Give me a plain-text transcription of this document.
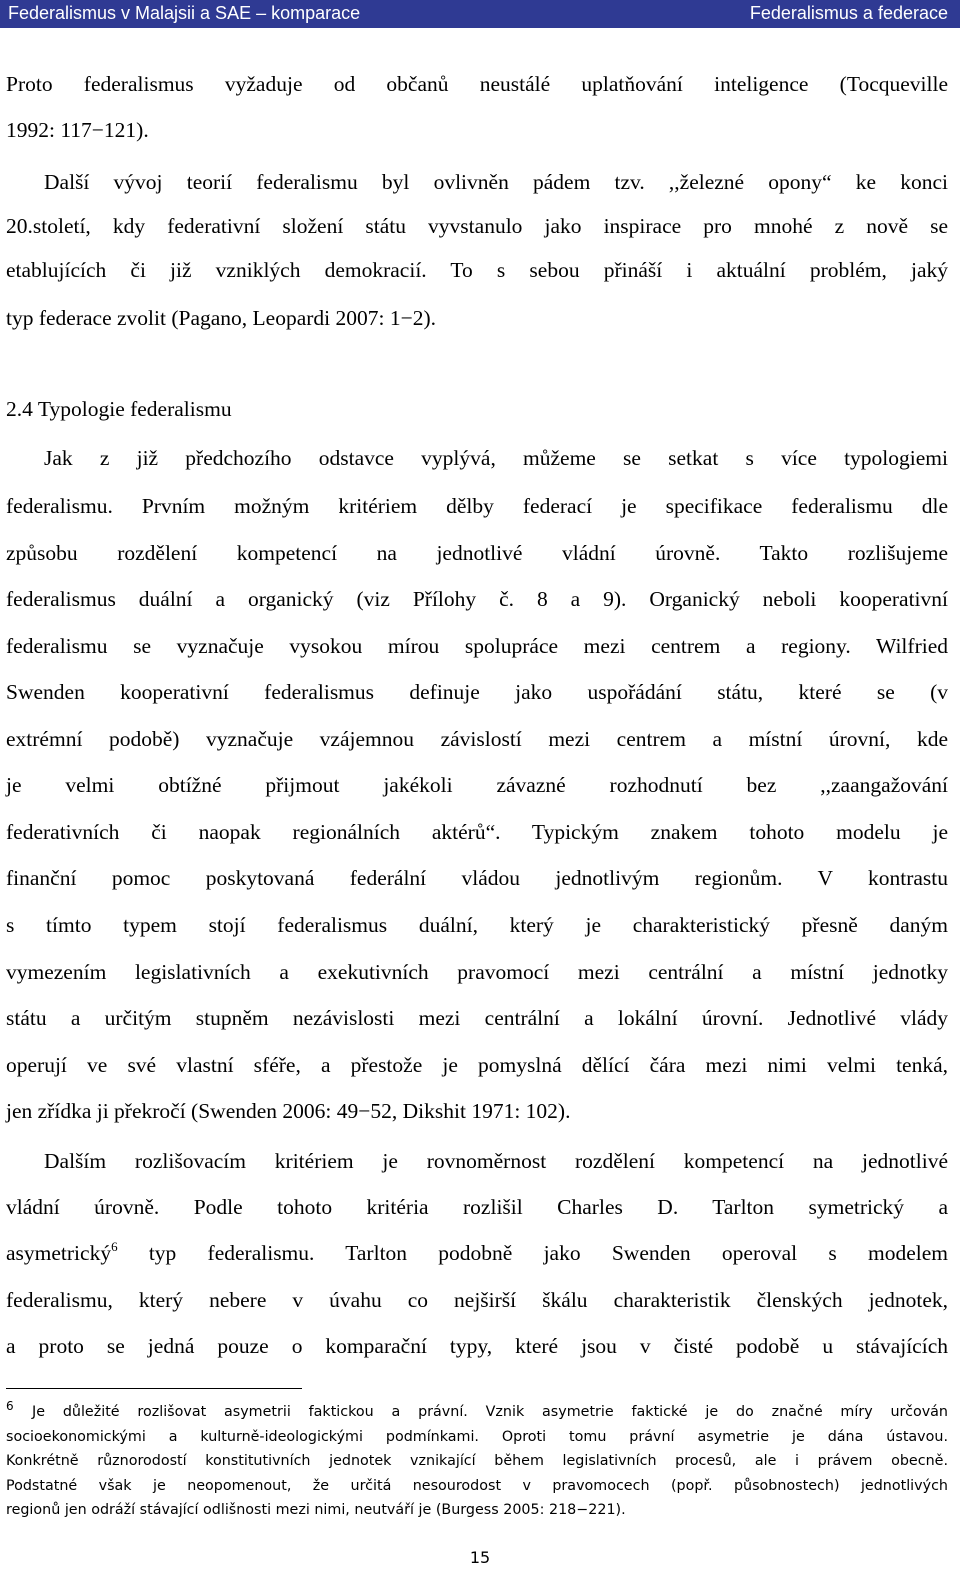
Federalismus v Malajsii a SAE – komparace	Federalismus a federace
Proto federalismus vyžaduje od občanů neustálé uplatňování inteligence (Tocqueville
1992: 117−121).
Další vývoj teorií federalismu byl ovlivněn pádem tzv. ,,železné opony“ ke konci
20.století, kdy federativní složení státu vyvstanulo jako inspirace pro mnohé z nově se
etablujících či již vzniklých demokracií. To s sebou přináší i aktuální problém, jaký
typ federace zvolit (Pagano, Leopardi 2007: 1−2).
2.4 Typologie federalismu
Jak z již předchozího odstavce vyplývá, můžeme se setkat s více typologiemi
federalismu. Prvním možným kritériem dělby federací je specifikace federalismu dle
způsobu rozdělení kompetencí na jednotlivé vládní úrovně. Takto rozlišujeme
federalismus duální a organický (viz Přílohy č. 8 a 9). Organický neboli kooperativní
federalismu se vyznačuje vysokou mírou spolupráce mezi centrem a regiony. Wilfried
Swenden kooperativní federalismus definuje jako uspořádání státu, které se (v
extrémní podobě) vyznačuje vzájemnou závislostí mezi centrem a místní úrovní, kde
je velmi obtížné přijmout jakékoli závazné rozhodnutí bez ,,zaangažování
federativních či naopak regionálních aktérů“. Typickým znakem tohoto modelu je
finanční pomoc poskytovaná federální vládou jednotlivým regionům. V kontrastu
s tímto typem stojí federalismus duální, který je charakteristický přesně daným
vymezením legislativních a exekutivních pravomocí mezi centrální a místní jednotky
státu a určitým stupněm nezávislosti mezi centrální a lokální úrovní. Jednotlivé vlády
operují ve své vlastní sféře, a přestože je pomyslná dělící čára mezi nimi velmi tenká,
jen zřídka ji překročí (Swenden 2006: 49−52, Dikshit 1971: 102).
Dalším rozlišovacím kritériem je rovnoměrnost rozdělení kompetencí na jednotlivé
vládní úrovně. Podle tohoto kritéria rozlišil Charles D. Tarlton symetrický a
asymetrický$^6$ typ federalismu. Tarlton podobně jako Swenden operoval s modelem
federalismu, který nebere v úvahu co nejširší škálu charakteristik členských jednotek,
a proto se jedná pouze o komparační typy, které jsou v čisté podobě u stávajících
6 Je důležité rozlišovat asymetrii faktickou a právní. Vznik asymetrie faktické je do značné míry určován
socioekonomickými a kulturně-ideologickými podmínkami. Oproti tomu právní asymetrie je dána ústavou.
Konkrétně různorodostí konstitutivních jednotek vznikající během legislativních procesů, ale i právem obecně.
Podstatné však je neopomenout, že určitá nesourodost v pravomocech (popř. působnostech) jednotlivých
regionů jen odráží stávající odlišnosti mezi nimi, neutváří je (Burgess 2005: 218−221).
15
